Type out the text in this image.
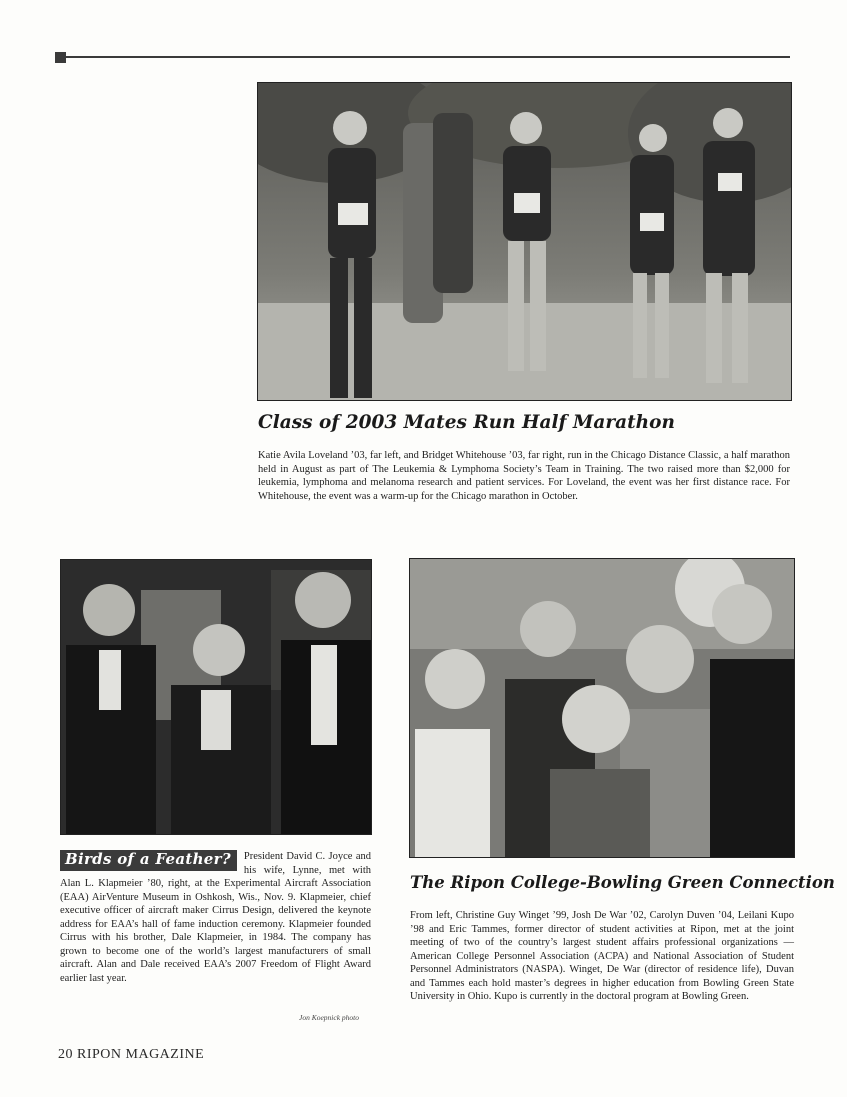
Class of 2003 Mates Run Half Marathon

Katie Avila Loveland ’03, far left, and Bridget Whitehouse ’03, far right, run in the Chicago Distance Classic, a half marathon held in August as part of The Leukemia & Lymphoma Society’s Team in Training. The two raised more than $2,000 for leukemia, lymphoma and melanoma research and patient services. For Loveland, the event was her first distance race. For Whitehouse, the event was a warm-up for the Chicago marathon in October.

Birds of a Feather?	President David C. Joyce and his wife, Lynne, met with Alan L. Klapmeier ’80, right, at the Experimental Aircraft Association (EAA) AirVenture Museum in Oshkosh, Wis., Nov. 9. Klapmeier, chief executive officer of aircraft maker Cirrus Design, delivered the keynote address for EAA’s hall of fame induction ceremony. Klapmeier founded Cirrus with his brother, Dale Klapmeier, in 1984. The company has grown to become one of the world’s largest manufacturers of small aircraft. Alan and Dale received EAA’s 2007 Freedom of Flight Award earlier last year.
Jon Koepnick photo
The Ripon College-Bowling Green Connection

From left, Christine Guy Winget ’99, Josh De War ’02, Carolyn Duven ’04, Leilani Kupo ’98 and Eric Tammes, former director of student activities at Ripon, met at the joint meeting of two of the country’s largest student affairs professional organizations — American College Personnel Association (ACPA) and National Association of Student Personnel Administrators (NASPA). Winget, De War (director of residence life), Duvan and Tammes each hold master’s degrees in higher education from Bowling Green State University in Ohio. Kupo is currently in the doctoral program at Bowling Green.

20 RIPON MAGAZINE
